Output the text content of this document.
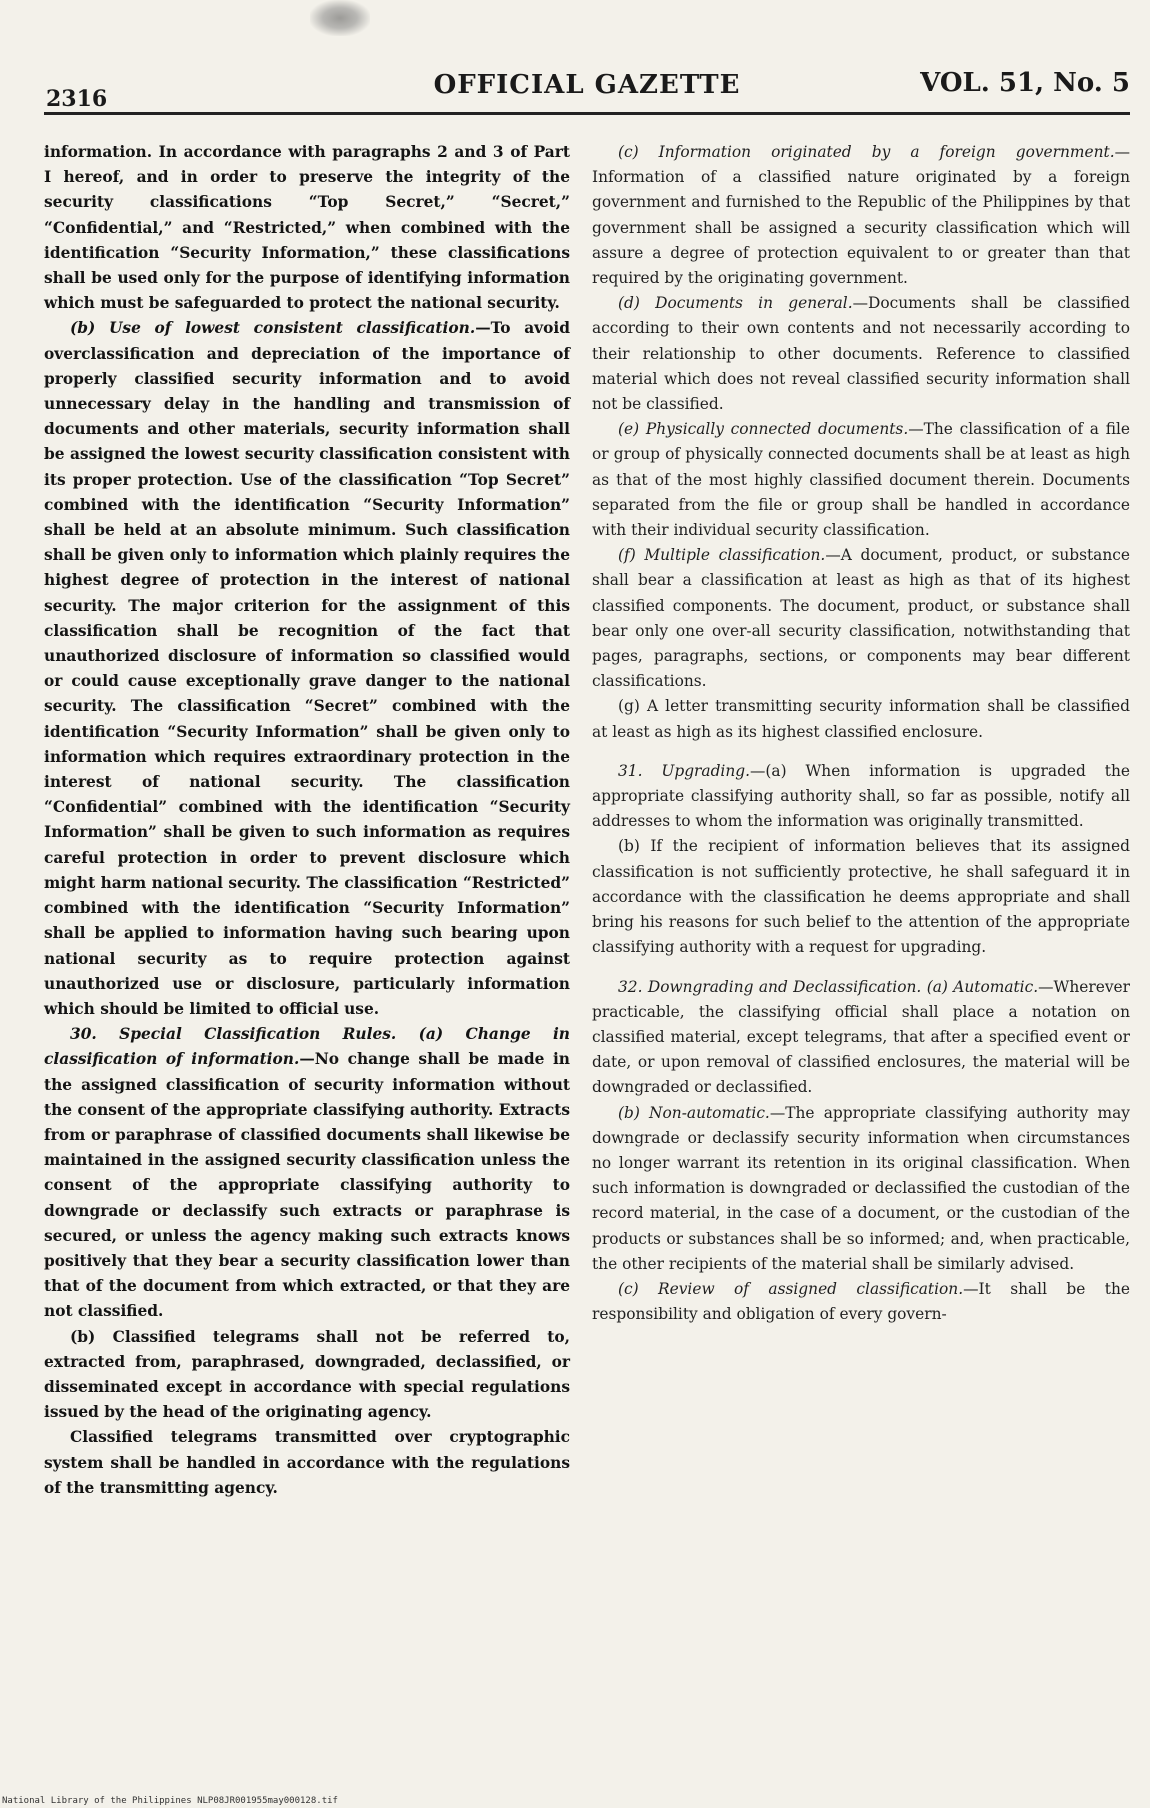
2316	OFFICIAL GAZETTE	VOL. 51, No. 5

information. In accordance with paragraphs 2 and 3 of Part I hereof, and in order to preserve the integrity of the security classifications “Top Secret,” “Secret,” “Confidential,” and “Restricted,” when combined with the identification “Security Information,” these classifications shall be used only for the purpose of identifying information which must be safeguarded to protect the national security.

(b) Use of lowest consistent classification.—To avoid overclassification and depreciation of the importance of properly classified security information and to avoid unnecessary delay in the handling and transmission of documents and other materials, security information shall be assigned the lowest security classification consistent with its proper protection. Use of the classification “Top Secret” combined with the identification “Security Information” shall be held at an absolute minimum. Such classification shall be given only to information which plainly requires the highest degree of protection in the interest of national security. The major criterion for the assignment of this classification shall be recognition of the fact that unauthorized disclosure of information so classified would or could cause exceptionally grave danger to the national security. The classification “Secret” combined with the identification “Security Information” shall be given only to information which requires extraordinary protection in the interest of national security. The classification “Confidential” combined with the identification “Security Information” shall be given to such information as requires careful protection in order to prevent disclosure which might harm national security. The classification “Restricted” combined with the identification “Security Information” shall be applied to information having such bearing upon national security as to require protection against unauthorized use or disclosure, particularly information which should be limited to official use.

30. Special Classification Rules. (a) Change in classification of information.—No change shall be made in the assigned classification of security information without the consent of the appropriate classifying authority. Extracts from or paraphrase of classified documents shall likewise be maintained in the assigned security classification unless the consent of the appropriate classifying authority to downgrade or declassify such extracts or paraphrase is secured, or unless the agency making such extracts knows positively that they bear a security classification lower than that of the document from which extracted, or that they are not classified.

(b) Classified telegrams shall not be referred to, extracted from, paraphrased, downgraded, declassified, or disseminated except in accordance with special regulations issued by the head of the originating agency.

Classified telegrams transmitted over cryptographic system shall be handled in accordance with the regulations of the transmitting agency.

(c) Information originated by a foreign government.—Information of a classified nature originated by a foreign government and furnished to the Republic of the Philippines by that government shall be assigned a security classification which will assure a degree of protection equivalent to or greater than that required by the originating government.

(d) Documents in general.—Documents shall be classified according to their own contents and not necessarily according to their relationship to other documents. Reference to classified material which does not reveal classified security information shall not be classified.

(e) Physically connected documents.—The classification of a file or group of physically connected documents shall be at least as high as that of the most highly classified document therein. Documents separated from the file or group shall be handled in accordance with their individual security classification.

(f) Multiple classification.—A document, product, or substance shall bear a classification at least as high as that of its highest classified components. The document, product, or substance shall bear only one over-all security classification, notwithstanding that pages, paragraphs, sections, or components may bear different classifications.

(g) A letter transmitting security information shall be classified at least as high as its highest classified enclosure.

31. Upgrading.—(a) When information is upgraded the appropriate classifying authority shall, so far as possible, notify all addresses to whom the information was originally transmitted.

(b) If the recipient of information believes that its assigned classification is not sufficiently protective, he shall safeguard it in accordance with the classification he deems appropriate and shall bring his reasons for such belief to the attention of the appropriate classifying authority with a request for upgrading.

32. Downgrading and Declassification. (a) Automatic.—Wherever practicable, the classifying official shall place a notation on classified material, except telegrams, that after a specified event or date, or upon removal of classified enclosures, the material will be downgraded or declassified.

(b) Non-automatic.—The appropriate classifying authority may downgrade or declassify security information when circumstances no longer warrant its retention in its original classification. When such information is downgraded or declassified the custodian of the record material, in the case of a document, or the custodian of the products or substances shall be so informed; and, when practicable, the other recipients of the material shall be similarly advised.

(c) Review of assigned classification.—It shall be the responsibility and obligation of every govern-

National Library of the Philippines NLP08JR001955may000128.tif
